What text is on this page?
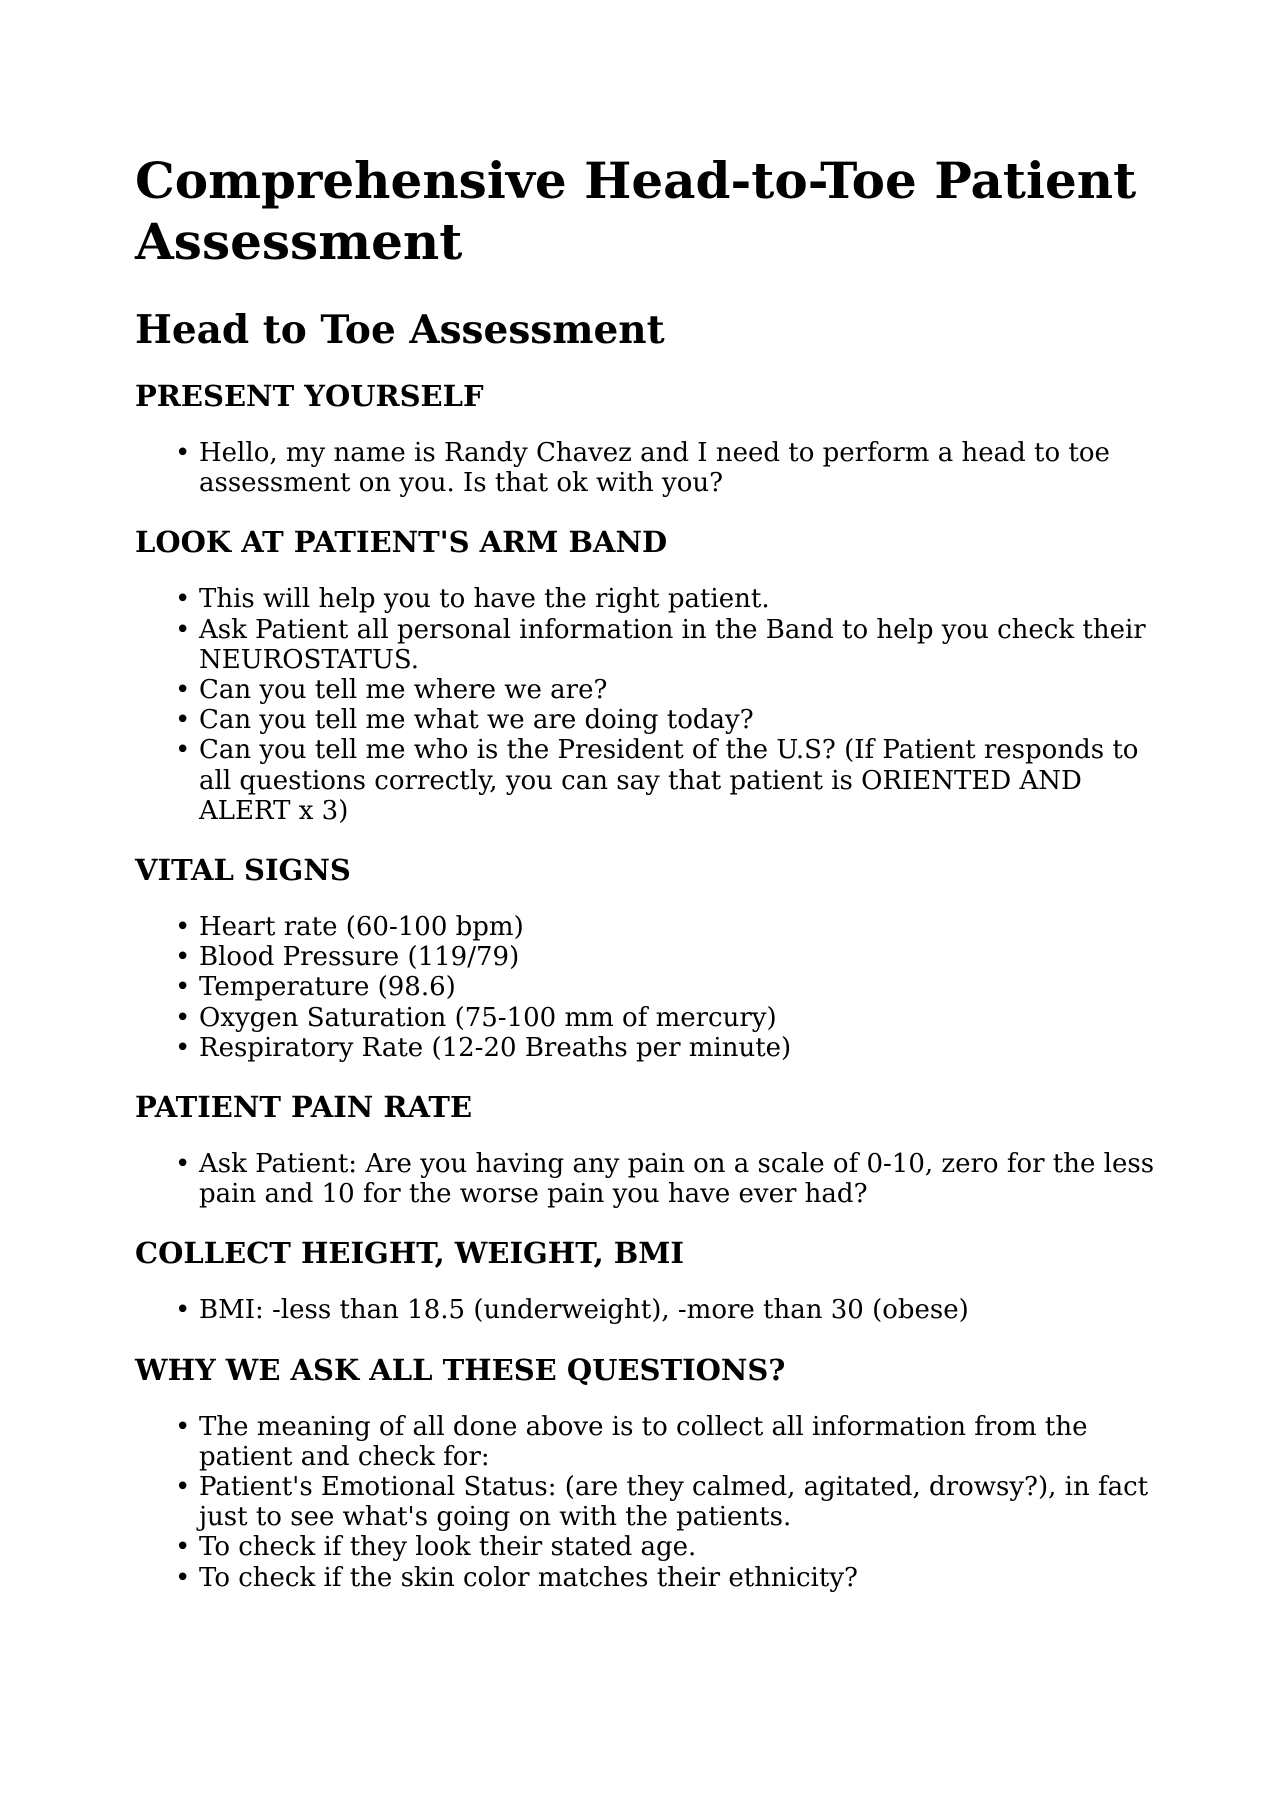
Comprehensive Head-to-Toe Patient Assessment
Head to Toe Assessment
PRESENT YOURSELF
• Hello, my name is Randy Chavez and I need to perform a head to toe assessment on you. Is that ok with you?
LOOK AT PATIENT'S ARM BAND
• This will help you to have the right patient.
• Ask Patient all personal information in the Band to help you check their NEUROSTATUS.
• Can you tell me where we are?
• Can you tell me what we are doing today?
• Can you tell me who is the President of the U.S? (If Patient responds to all questions correctly, you can say that patient is ORIENTED AND ALERT x 3)
VITAL SIGNS
• Heart rate (60-100 bpm)
• Blood Pressure (119/79)
• Temperature (98.6)
• Oxygen Saturation (75-100 mm of mercury)
• Respiratory Rate (12-20 Breaths per minute)
PATIENT PAIN RATE
• Ask Patient: Are you having any pain on a scale of 0-10, zero for the less pain and 10 for the worse pain you have ever had?
COLLECT HEIGHT, WEIGHT, BMI
• BMI: -less than 18.5 (underweight), -more than 30 (obese)
WHY WE ASK ALL THESE QUESTIONS?
• The meaning of all done above is to collect all information from the patient and check for:
• Patient's Emotional Status: (are they calmed, agitated, drowsy?), in fact just to see what's going on with the patients.
• To check if they look their stated age.
• To check if the skin color matches their ethnicity?
